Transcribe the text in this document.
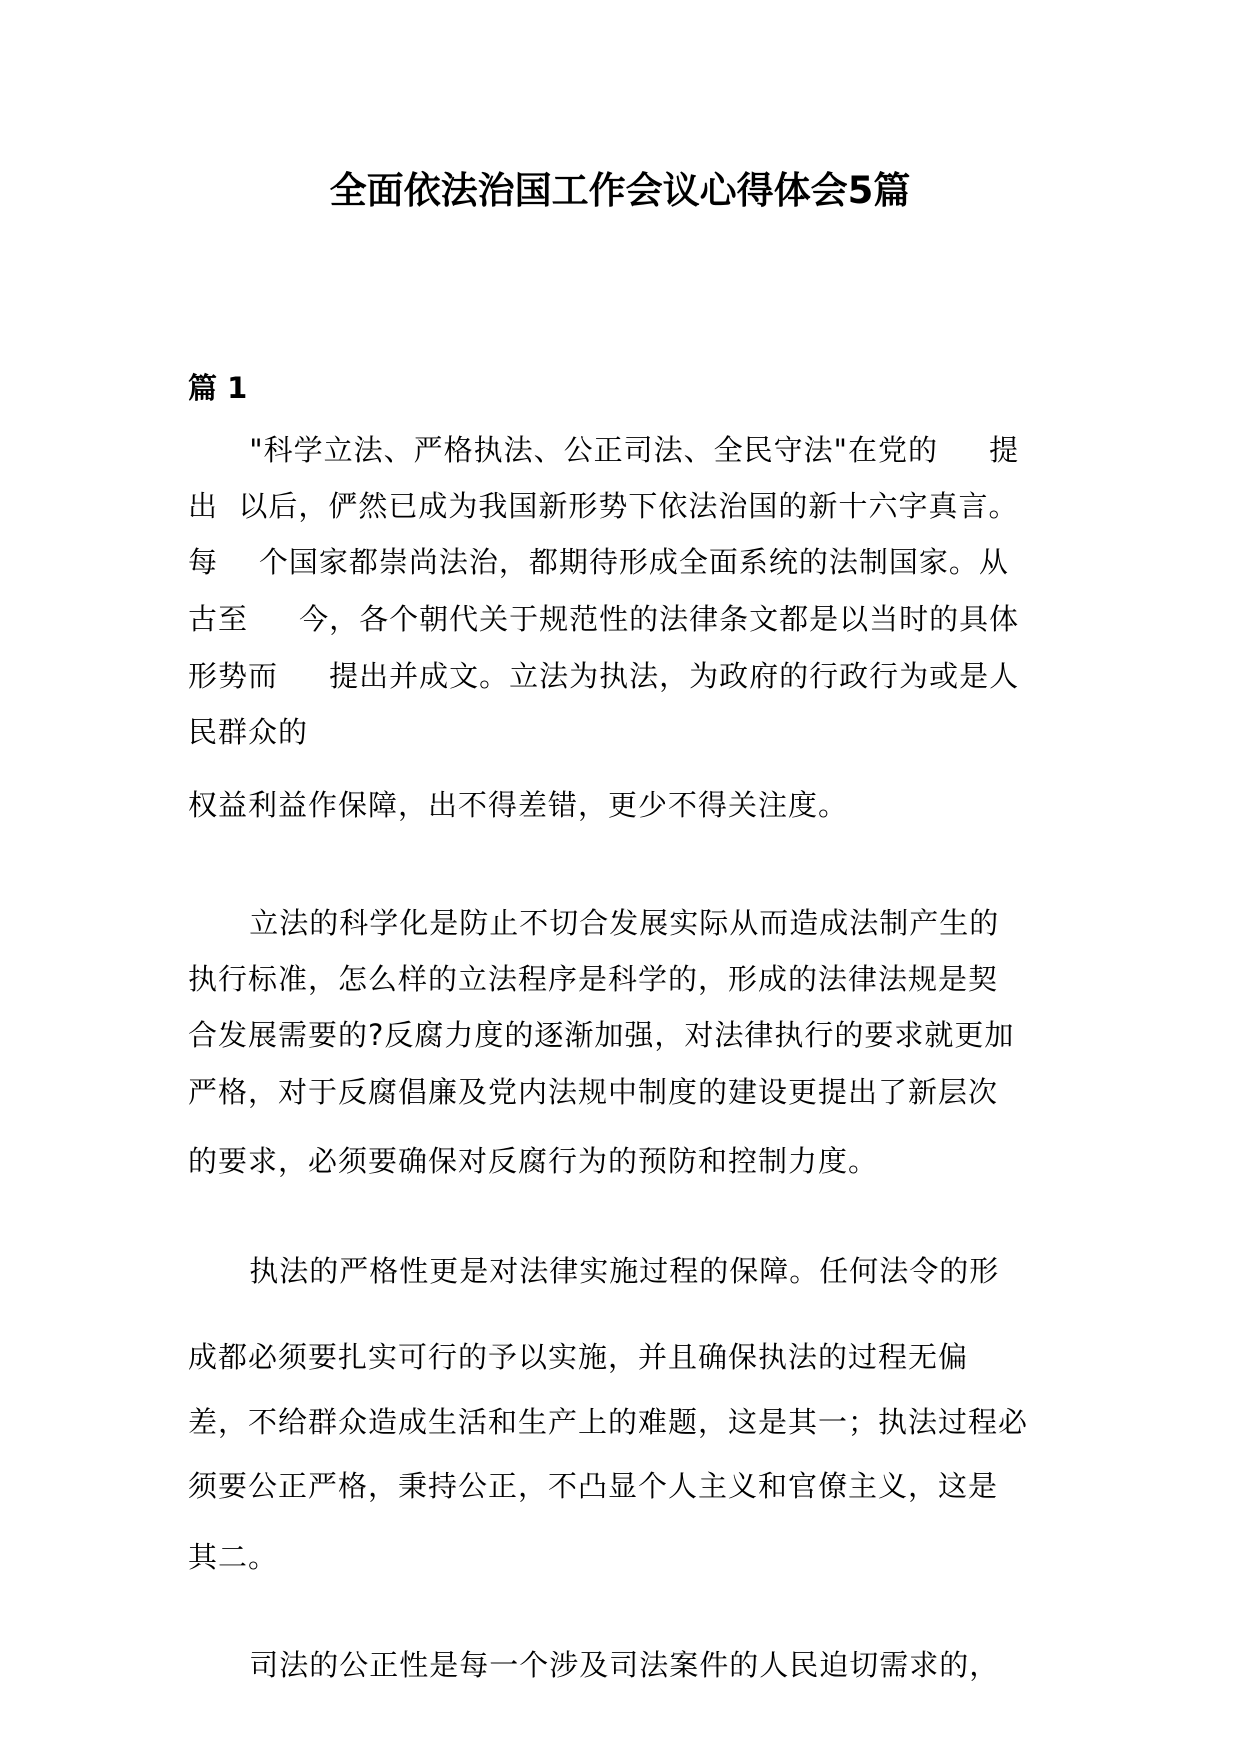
全面依法治国工作会议心得体会5篇
篇 1
"科学立法、严格执法、公正司法、全民守法"在党的     提
出  以后，俨然已成为我国新形势下依法治国的新十六字真言。
每    个国家都崇尚法治，都期待形成全面系统的法制国家。从
古至     今，各个朝代关于规范性的法律条文都是以当时的具体
形势而     提出并成文。立法为执法，为政府的行政行为或是人
民群众的
权益利益作保障，出不得差错，更少不得关注度。
立法的科学化是防止不切合发展实际从而造成法制产生的
执行标准，怎么样的立法程序是科学的，形成的法律法规是契
合发展需要的?反腐力度的逐渐加强，对法律执行的要求就更加
严格，对于反腐倡廉及党内法规中制度的建设更提出了新层次
的要求，必须要确保对反腐行为的预防和控制力度。
执法的严格性更是对法律实施过程的保障。任何法令的形
成都必须要扎实可行的予以实施，并且确保执法的过程无偏
差，不给群众造成生活和生产上的难题，这是其一；执法过程必
须要公正严格，秉持公正，不凸显个人主义和官僚主义，这是
其二。
司法的公正性是每一个涉及司法案件的人民迫切需求的，
